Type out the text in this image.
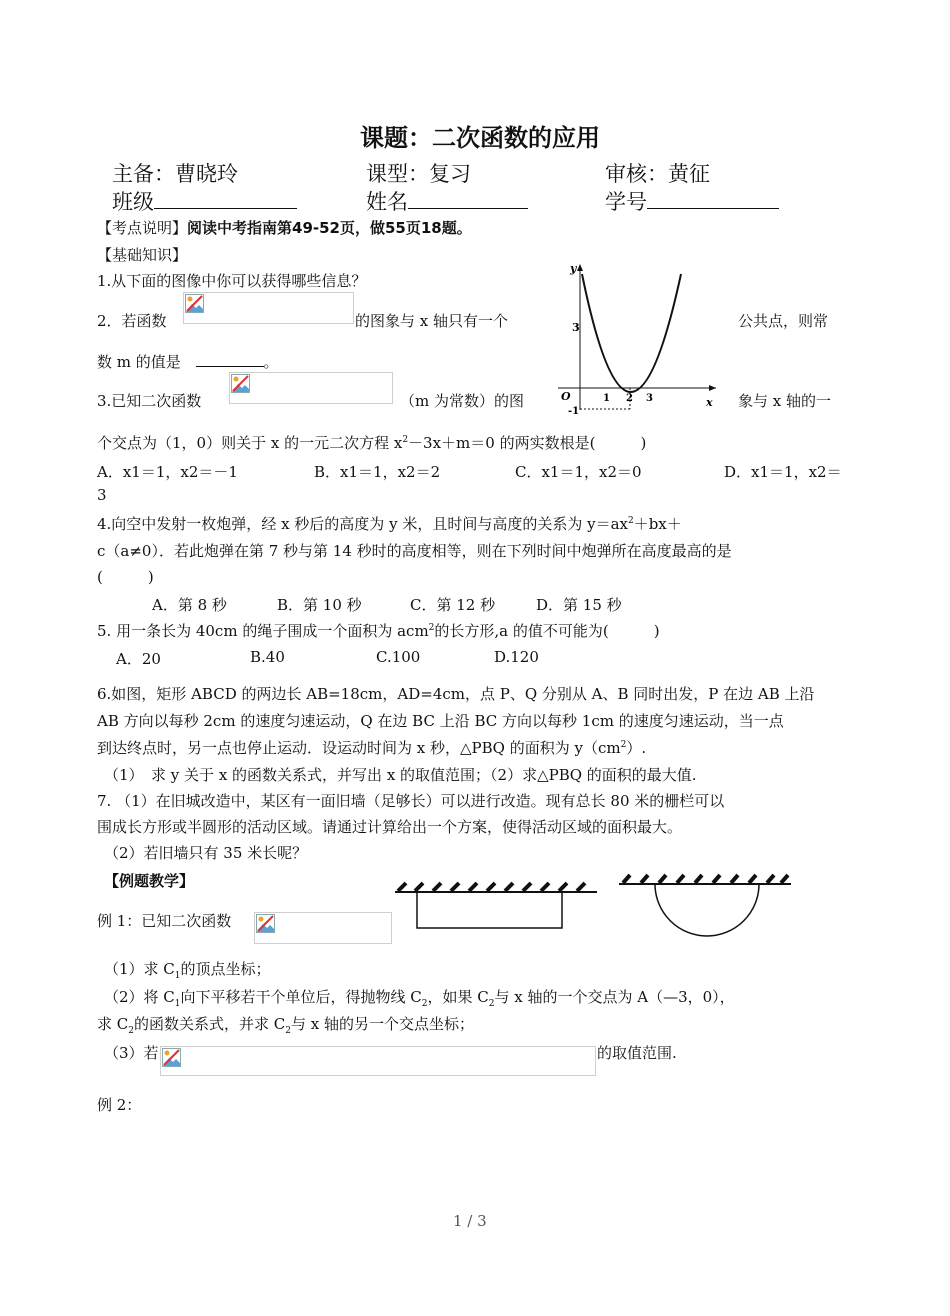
课题：二次函数的应用
主备：曹晓玲	课型：复习	审核：黄征
班级	姓名	学号
【考点说明】阅读中考指南第49-52页，做55页18题。
【基础知识】
1.从下面的图像中你可以获得哪些信息？
2．若函数	的图象与 x 轴只有一个	公共点，则常
数 m 的值是	。
3.已知二次函数	（m 为常数）的图	象与 x 轴的一
个交点为（1，0）则关于 x 的一元二次方程 $x^2-3x+m=0$ 的两实数根是(　　　)
A．x1＝1，x2＝－1	B．x1＝1，x2＝2	C．x1＝1，x2＝0	D．x1＝1，x2＝
3
4.向空中发射一枚炮弹，经 x 秒后的高度为 y 米，且时间与高度的关系为 $y=ax^2+bx+$
c（a≠0）．若此炮弹在第 7 秒与第 14 秒时的高度相等，则在下列时间中炮弹所在高度最高的是
(　　　)
A．第 8 秒	B．第 10 秒	C．第 12 秒	D．第 15 秒
5. 用一条长为 40cm 的绳子围成一个面积为 acm$^2$的长方形,a 的值不可能为(　　　)
A．20	B.40	C.100	D.120
6.如图，矩形 ABCD 的两边长 AB=18cm，AD=4cm，点 P、Q 分别从 A、B 同时出发，P 在边 AB 上沿
AB 方向以每秒 2cm 的速度匀速运动，Q 在边 BC 上沿 BC 方向以每秒 1cm 的速度匀速运动，当一点
到达终点时，另一点也停止运动．设运动时间为 x 秒，△PBQ 的面积为 $y(cm^2)$.
（1）　求 y 关于 x 的函数关系式，并写出 x 的取值范围；（2）求△PBQ 的面积的最大值.
7. （1）在旧城改造中，某区有一面旧墙（足够长）可以进行改造。现有总长 80 米的栅栏可以
围成长方形或半圆形的活动区域。请通过计算给出一个方案，使得活动区域的面积最大。
（2）若旧墙只有 35 米长呢？
【例题教学】
例 1：已知二次函数
（1）求 $C_1$的顶点坐标；
（2）将 $C_1$向下平移若干个单位后，得抛物线 $C_2$，如果 $C_2$与 x 轴的一个交点为 A（—3，0），
求 $C_2$的函数关系式，并求 $C_2$与 x 轴的另一个交点坐标；
（3）若	的取值范围.
例 2：
y
x
O	1 2 3
3
-1
1 / 3
